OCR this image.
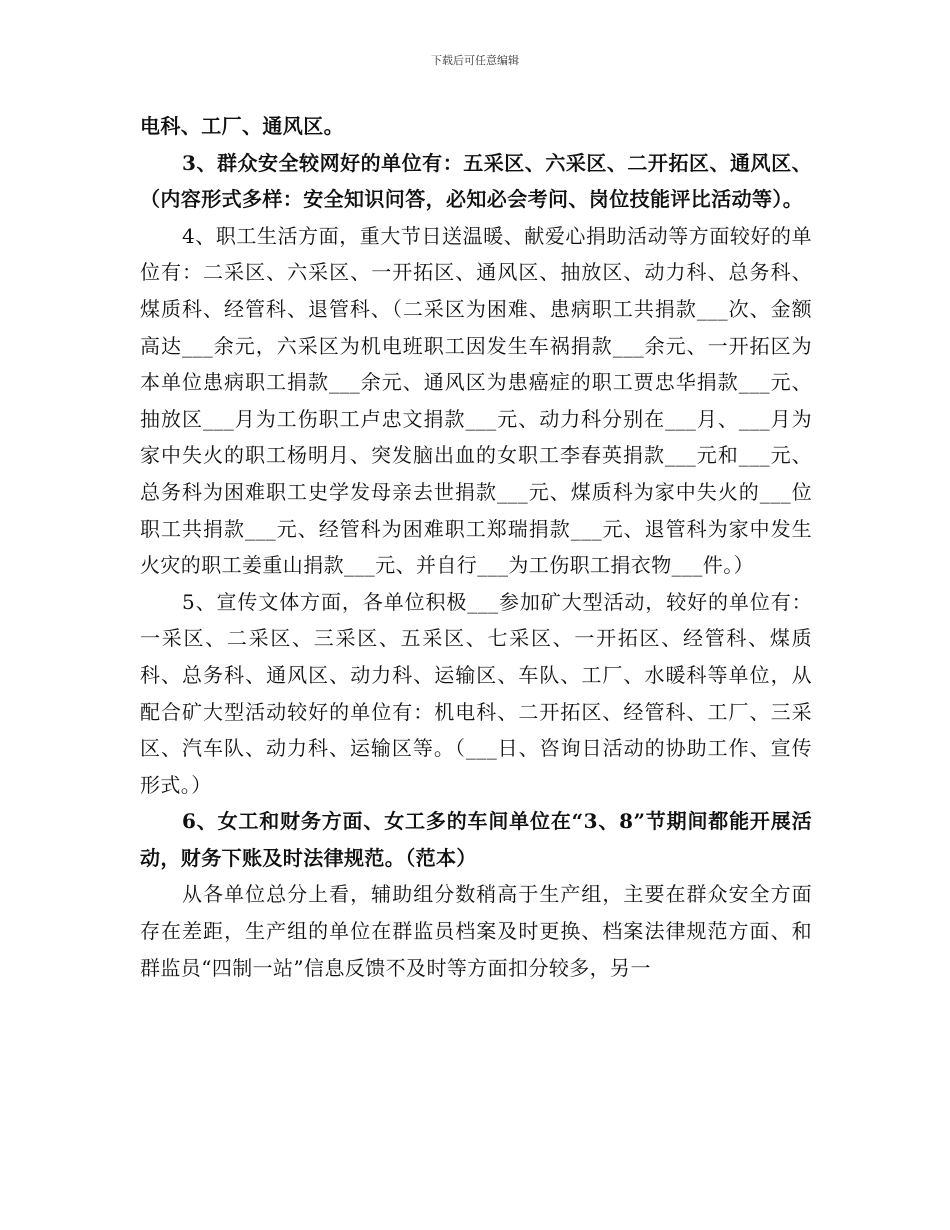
下载后可任意编辑

电科、工厂、通风区。

3、群众安全较网好的单位有：五采区、六采区、二开拓区、通风区、（内容形式多样：安全知识问答，必知必会考问、岗位技能评比活动等）。

4、职工生活方面，重大节日送温暖、献爱心捐助活动等方面较好的单位有：二采区、六采区、一开拓区、通风区、抽放区、动力科、总务科、煤质科、经管科、退管科、（二采区为困难、患病职工共捐款___次、金额高达___余元，六采区为机电班职工因发生车祸捐款___余元、一开拓区为本单位患病职工捐款___余元、通风区为患癌症的职工贾忠华捐款___元、抽放区___月为工伤职工卢忠文捐款___元、动力科分别在___月、___月为家中失火的职工杨明月、突发脑出血的女职工李春英捐款___元和___元、总务科为困难职工史学发母亲去世捐款___元、煤质科为家中失火的___位职工共捐款___元、经管科为困难职工郑瑞捐款___元、退管科为家中发生火灾的职工姜重山捐款___元、并自行___为工伤职工捐衣物___件。）

5、宣传文体方面，各单位积极___参加矿大型活动，较好的单位有：一采区、二采区、三采区、五采区、七采区、一开拓区、经管科、煤质科、总务科、通风区、动力科、运输区、车队、工厂、水暖科等单位，从配合矿大型活动较好的单位有：机电科、二开拓区、经管科、工厂、三采区、汽车队、动力科、运输区等。（___日、咨询日活动的协助工作、宣传形式。）

6、女工和财务方面、女工多的车间单位在“3、8”节期间都能开展活动，财务下账及时法律规范。（范本）

从各单位总分上看，辅助组分数稍高于生产组，主要在群众安全方面存在差距，生产组的单位在群监员档案及时更换、档案法律规范方面、和群监员“四制一站”信息反馈不及时等方面扣分较多，另一
